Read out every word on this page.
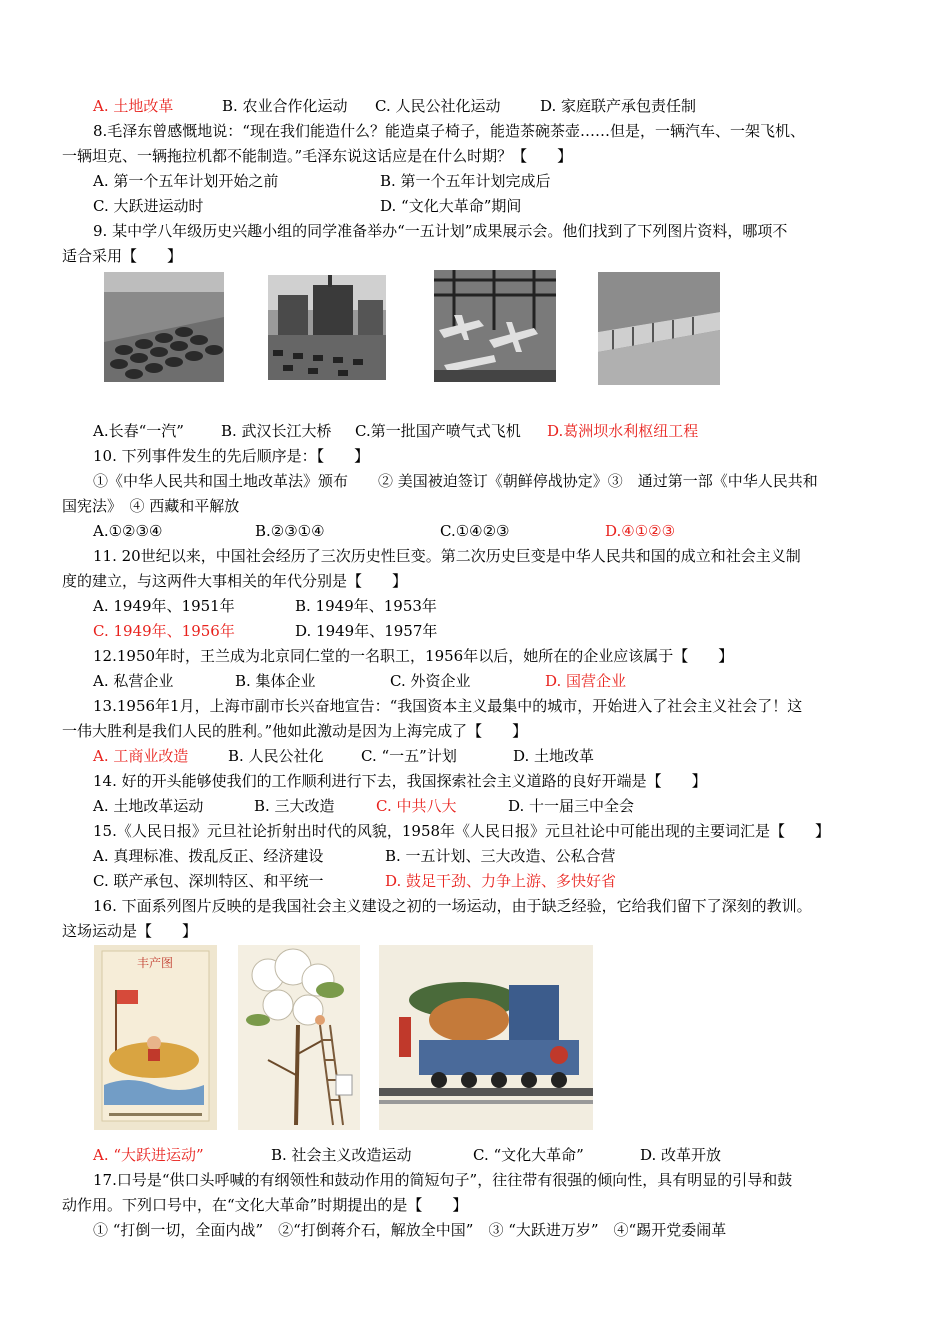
A. 土地改革	B. 农业合作化运动 C. 人民公社化运动	D. 家庭联产承包责任制
8.毛泽东曾感慨地说：“现在我们能造什么？能造桌子椅子，能造茶碗茶壶……但是，一辆汽车、一架飞机、
一辆坦克、一辆拖拉机都不能制造。”毛泽东说这话应是在什么时期？【　　】
A. 第一个五年计划开始之前	B. 第一个五年计划完成后
C. 大跃进运动时	D. “文化大革命”期间
9. 某中学八年级历史兴趣小组的同学准备举办“一五计划”成果展示会。他们找到了下列图片资料，哪项不
适合采用【　　】
A.长春“一汽” B. 武汉长江大桥 C.第一批国产喷气式飞机 D.葛洲坝水利枢纽工程
10. 下列事件发生的先后顺序是：【　　】
①《中华人民共和国土地改革法》颁布　　② 美国被迫签订《朝鲜停战协定》③　通过第一部《中华人民共和
国宪法》　④ 西藏和平解放
A.①②③④	B.②③①④	C.①④②③	D.④①②③
11. 20世纪以来，中国社会经历了三次历史性巨变。第二次历史巨变是中华人民共和国的成立和社会主义制
度的建立，与这两件大事相关的年代分别是【　　】
A. 1949年、1951年	B. 1949年、1953年
C. 1949年、1956年	D. 1949年、1957年
12.1950年时，王兰成为北京同仁堂的一名职工，1956年以后，她所在的企业应该属于【　　】
A. 私营企业	B. 集体企业	C. 外资企业	D. 国营企业
13.1956年1月，上海市副市长兴奋地宣告：“我国资本主义最集中的城市，开始进入了社会主义社会了！这
一伟大胜利是我们人民的胜利。”他如此激动是因为上海完成了【　　】
A. 工商业改造	B. 人民公社化 C. “一五”计划	D. 土地改革
14. 好的开头能够使我们的工作顺利进行下去，我国探索社会主义道路的良好开端是【　　】
A. 土地改革运动	B. 三大改造	C. 中共八大	D. 十一届三中全会
15.《人民日报》元旦社论折射出时代的风貌，1958年《人民日报》元旦社论中可能出现的主要词汇是【　　】
A. 真理标准、拨乱反正、经济建设	B. 一五计划、三大改造、公私合营
C. 联产承包、深圳特区、和平统一	D. 鼓足干劲、力争上游、多快好省
16. 下面系列图片反映的是我国社会主义建设之初的一场运动，由于缺乏经验，它给我们留下了深刻的教训。
这场运动是【　　】
丰产图
A. “大跃进运动”	B. 社会主义改造运动	C. “文化大革命”	D. 改革开放
17.口号是“供口头呼喊的有纲领性和鼓动作用的简短句子”，往往带有很强的倾向性，具有明显的引导和鼓
动作用。下列口号中，在“文化大革命”时期提出的是【　　】
① “打倒一切，全面内战”　②“打倒蒋介石，解放全中国”　③ “大跃进万岁”　④“踢开党委闹革
